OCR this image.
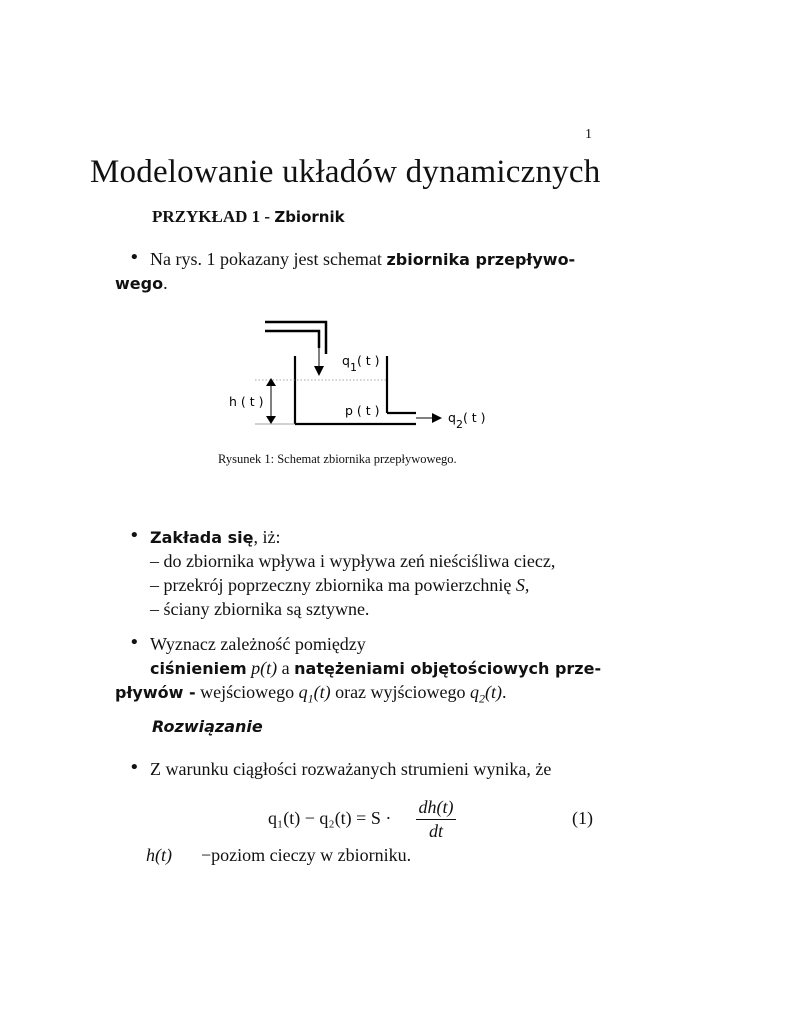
1
Modelowanie układów dynamicznych
PRZYKŁAD 1 - Zbiornik
• Na rys. 1 pokazany jest schemat zbiornika przepływo-
wego.
q1( t )
h ( t )
p ( t )	q2( t )
Rysunek 1: Schemat zbiornika przepływowego.
• Zakłada się, iż:
– do zbiornika wpływa i wypływa zeń nieściśliwa ciecz,
– przekrój poprzeczny zbiornika ma powierzchnię S,
– ściany zbiornika są sztywne.
• Wyznacz zależność pomiędzy
ciśnieniem p(t) a natężeniami objętościowych prze-
pływów - wejściowego $q_1(t)$ oraz wyjściowego $q_2(t)$.
Rozwiązanie
• Z warunku ciągłości rozważanych strumieni wynika, że
$q_1(t) - q_2(t) = S \cdot \frac{dh(t)}{dt}$	(1)
h(t) −poziom cieczy w zbiorniku.
